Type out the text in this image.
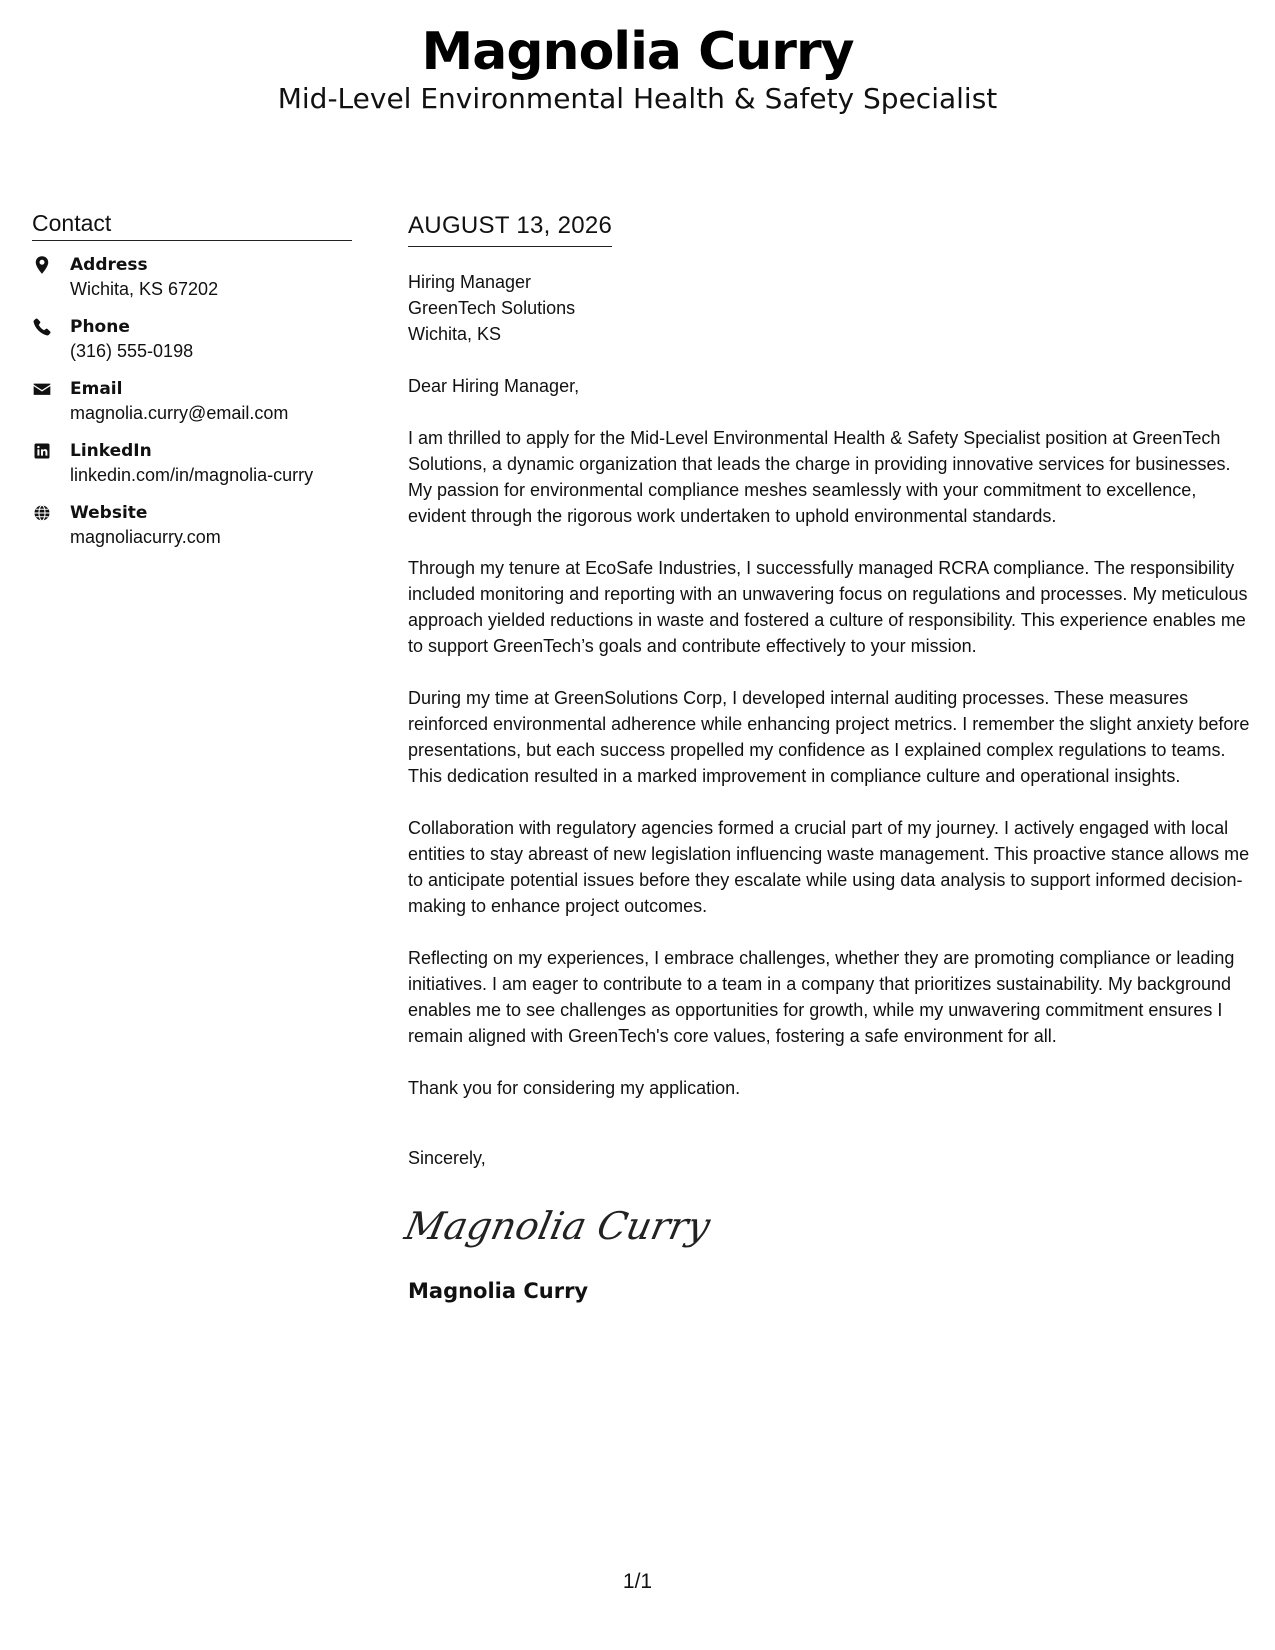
Magnolia Curry
Mid-Level Environmental Health & Safety Specialist
Contact
Address
Wichita, KS 67202
Phone
(316) 555-0198
Email
magnolia.curry@email.com
LinkedIn
linkedin.com/in/magnolia-curry
Website
magnoliacurry.com
AUGUST 13, 2026
Hiring Manager
GreenTech Solutions
Wichita, KS
Dear Hiring Manager,
I am thrilled to apply for the Mid-Level Environmental Health & Safety Specialist position at GreenTech Solutions, a dynamic organization that leads the charge in providing innovative services for businesses. My passion for environmental compliance meshes seamlessly with your commitment to excellence, evident through the rigorous work undertaken to uphold environmental standards.
Through my tenure at EcoSafe Industries, I successfully managed RCRA compliance. The responsibility included monitoring and reporting with an unwavering focus on regulations and processes. My meticulous approach yielded reductions in waste and fostered a culture of responsibility. This experience enables me to support GreenTech’s goals and contribute effectively to your mission.
During my time at GreenSolutions Corp, I developed internal auditing processes. These measures reinforced environmental adherence while enhancing project metrics. I remember the slight anxiety before presentations, but each success propelled my confidence as I explained complex regulations to teams. This dedication resulted in a marked improvement in compliance culture and operational insights.
Collaboration with regulatory agencies formed a crucial part of my journey. I actively engaged with local entities to stay abreast of new legislation influencing waste management. This proactive stance allows me to anticipate potential issues before they escalate while using data analysis to support informed decision-making to enhance project outcomes.
Reflecting on my experiences, I embrace challenges, whether they are promoting compliance or leading initiatives. I am eager to contribute to a team in a company that prioritizes sustainability. My background enables me to see challenges as opportunities for growth, while my unwavering commitment ensures I remain aligned with GreenTech's core values, fostering a safe environment for all.
Thank you for considering my application.
Sincerely,
Magnolia Curry
Magnolia Curry
1/1
